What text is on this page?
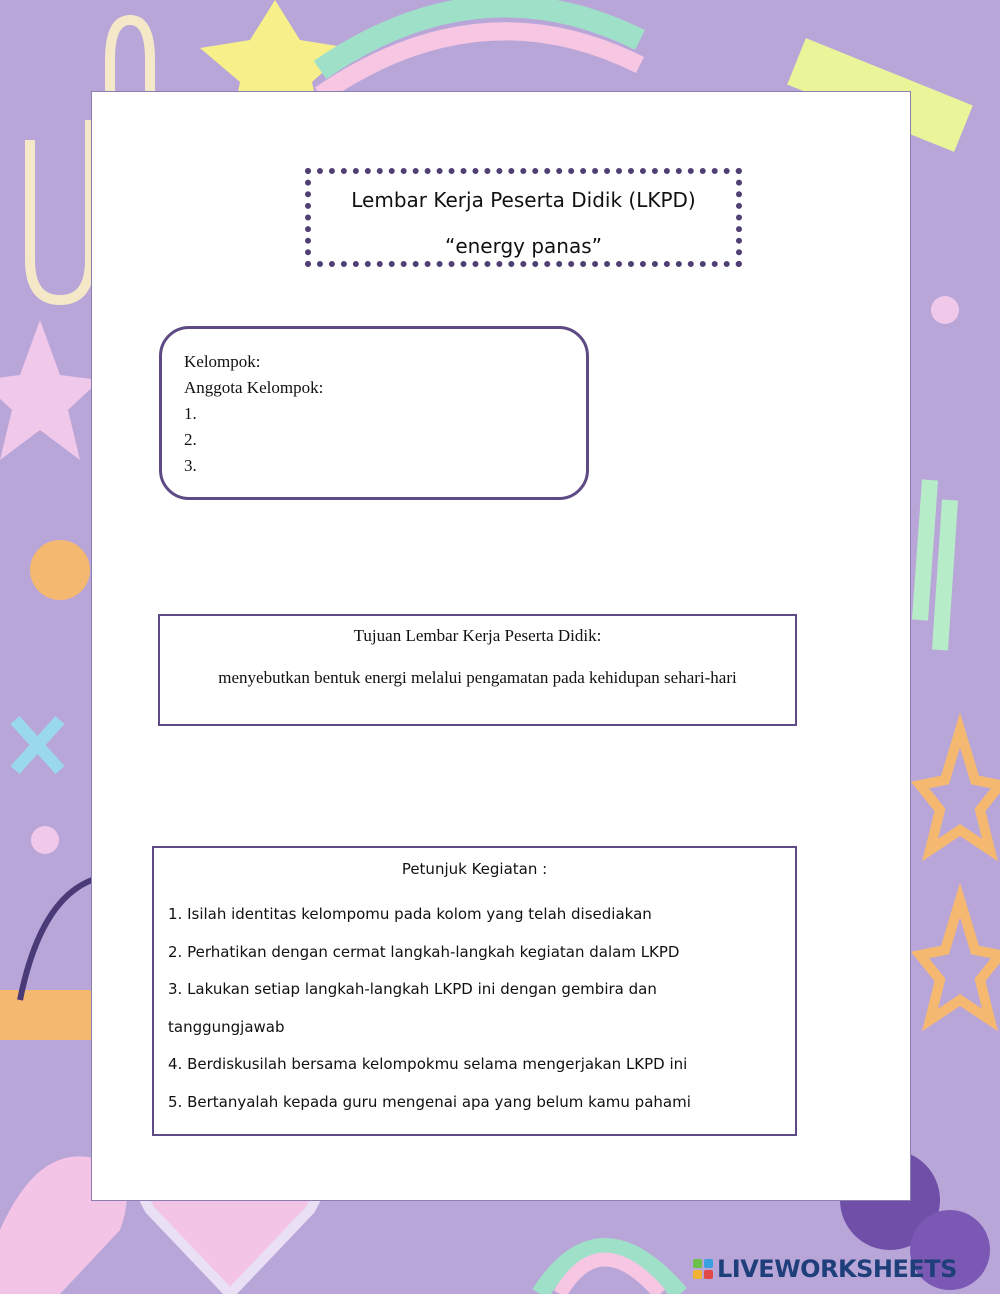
Lembar Kerja Peserta Didik (LKPD)
“energy panas”
Kelompok:
Anggota Kelompok:
1.
2.
3.
Tujuan Lembar Kerja Peserta Didik:
menyebutkan bentuk energi melalui pengamatan pada kehidupan sehari-hari
Petunjuk Kegiatan :
1. Isilah identitas kelompomu pada kolom yang telah disediakan
2. Perhatikan dengan cermat langkah-langkah kegiatan dalam LKPD
3. Lakukan setiap langkah-langkah LKPD ini dengan gembira dan
tanggungjawab
4. Berdiskusilah bersama kelompokmu selama mengerjakan LKPD ini
5. Bertanyalah kepada guru mengenai apa yang belum kamu pahami
LIVEWORKSHEETS
